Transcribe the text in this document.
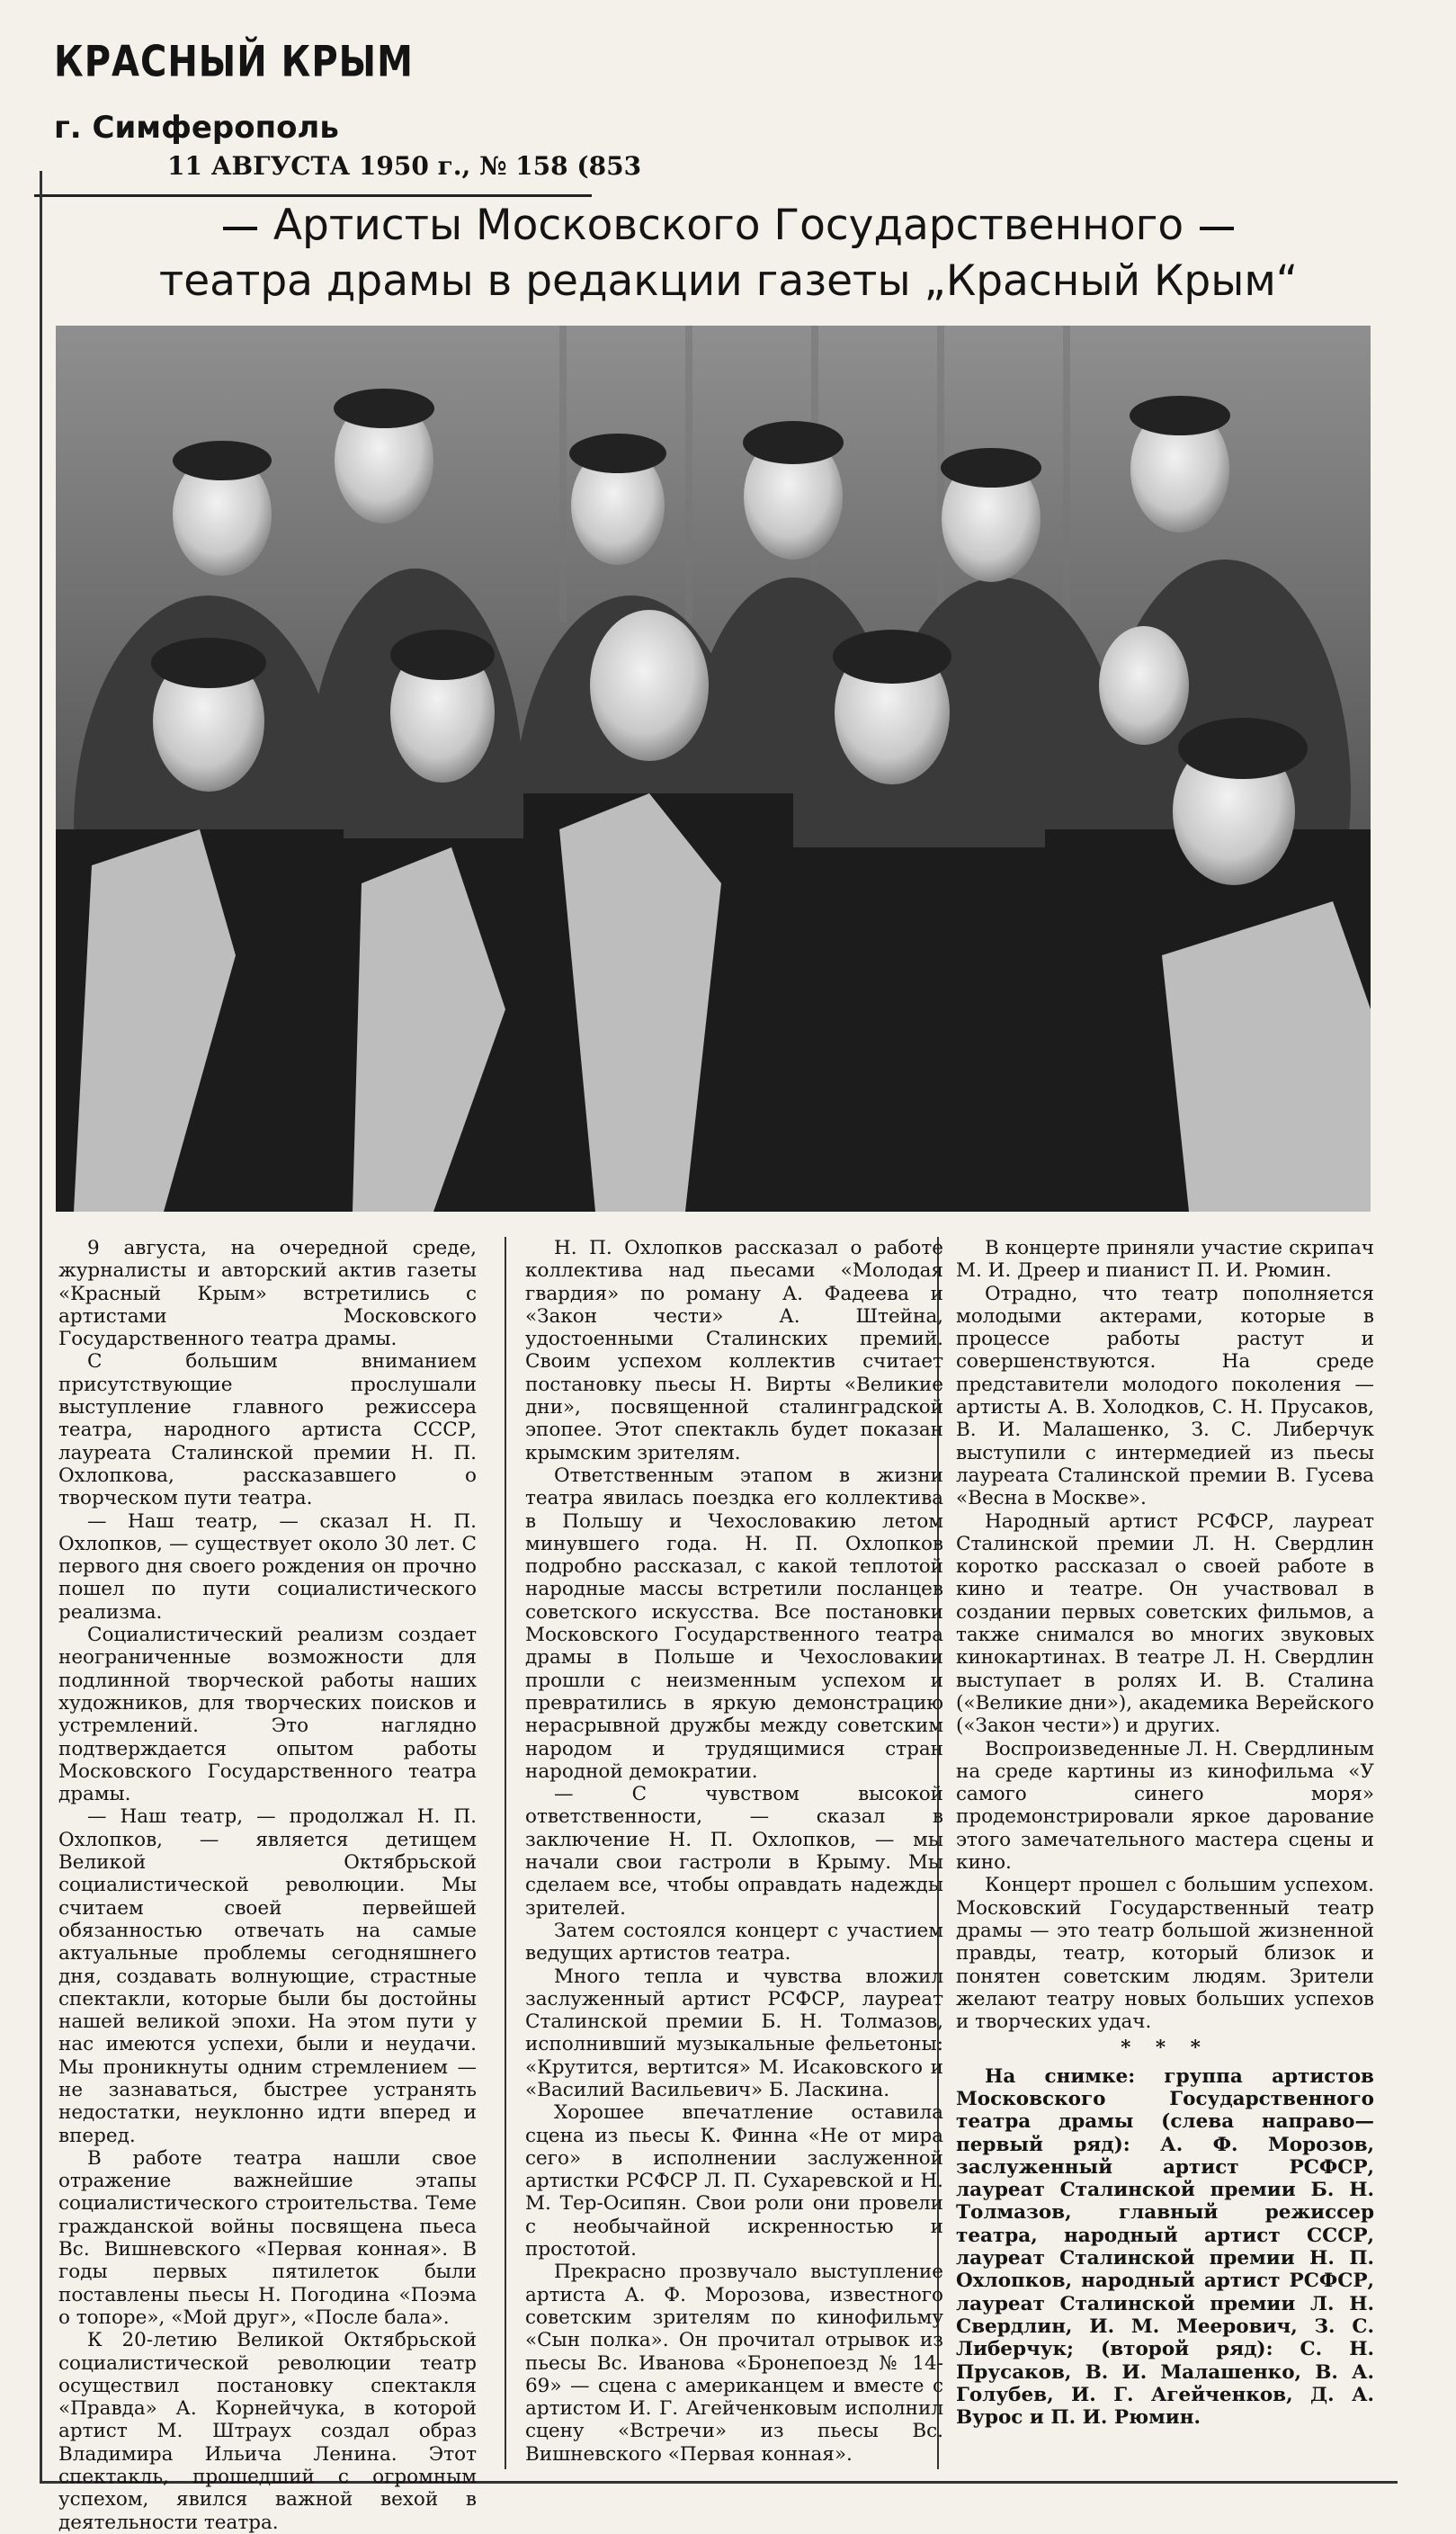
КРАСНЫЙ КРЫМ
г. Симферополь
11 АВГУСТА 1950 г., № 158 (853
Артисты Московского Государственного
театра драмы в редакции газеты „Красный Крым“

9 августа, на очередной среде, журналисты и авторский актив газеты «Красный Крым» встретились с артистами Московского Государственного театра драмы.

С большим вниманием присутствующие прослушали выступление главного режиссера театра, народного артиста СССР, лауреата Сталинской премии Н. П. Охлопкова, рассказавшего о творческом пути театра.

— Наш театр, — сказал Н. П. Охлопков, — существует около 30 лет. С первого дня своего рождения он прочно пошел по пути социалистического реализма.

Социалистический реализм создает неограниченные возможности для подлинной творческой работы наших художников, для творческих поисков и устремлений. Это наглядно подтверждается опытом работы Московского Государственного театра драмы.

— Наш театр, — продолжал Н. П. Охлопков, — является детищем Великой Октябрьской социалистической революции. Мы считаем своей первейшей обязанностью отвечать на самые актуальные проблемы сегодняшнего дня, создавать волнующие, страстные спектакли, которые были бы достойны нашей великой эпохи. На этом пути у нас имеются успехи, были и неудачи. Мы проникнуты одним стремлением — не зазнаваться, быстрее устранять недостатки, неуклонно идти вперед и вперед.

В работе театра нашли свое отражение важнейшие этапы социалистического строительства. Теме гражданской войны посвящена пьеса Вс. Вишневского «Первая конная». В годы первых пятилеток были поставлены пьесы Н. Погодина «Поэма о топоре», «Мой друг», «После бала».

К 20-летию Великой Октябрьской социалистической революции театр осуществил постановку спектакля «Правда» А. Корнейчука, в которой артист М. Штраух создал образ Владимира Ильича Ленина. Этот спектакль, прошедший с огромным успехом, явился важной вехой в деятельности театра.

Н. П. Охлопков рассказал о работе коллектива над пьесами «Молодая гвардия» по роману А. Фадеева и «Закон чести» А. Штейна, удостоенными Сталинских премий. Своим успехом коллектив считает постановку пьесы Н. Вирты «Великие дни», посвященной сталинградской эпопее. Этот спектакль будет показан крымским зрителям.

Ответственным этапом в жизни театра явилась поездка его коллектива в Польшу и Чехословакию летом минувшего года. Н. П. Охлопков подробно рассказал, с какой теплотой народные массы встретили посланцев советского искусства. Все постановки Московского Государственного театра драмы в Польше и Чехословакии прошли с неизменным успехом и превратились в яркую демонстрацию нерасрывной дружбы между советским народом и трудящимися стран народной демократии.

— С чувством высокой ответственности, — сказал в заключение Н. П. Охлопков, — мы начали свои гастроли в Крыму. Мы сделаем все, чтобы оправдать надежды зрителей.

Затем состоялся концерт с участием ведущих артистов театра.

Много тепла и чувства вложил заслуженный артист РСФСР, лауреат Сталинской премии Б. Н. Толмазов, исполнивший музыкальные фельетоны: «Крутится, вертится» М. Исаковского и «Василий Васильевич» Б. Ласкина.

Хорошее впечатление оставила сцена из пьесы К. Финна «Не от мира сего» в исполнении заслуженной артистки РСФСР Л. П. Сухаревской и Н. М. Тер-Осипян. Свои роли они провели с необычайной искренностью и простотой.

Прекрасно прозвучало выступление артиста А. Ф. Морозова, известного советским зрителям по кинофильму «Сын полка». Он прочитал отрывок из пьесы Вс. Иванова «Бронепоезд № 14-69» — сцена с американцем и вместе с артистом И. Г. Агейченковым исполнил сцену «Встречи» из пьесы Вс. Вишневского «Первая конная».

В концерте приняли участие скрипач М. И. Дреер и пианист П. И. Рюмин.

Отрадно, что театр пополняется молодыми актерами, которые в процессе работы растут и совершенствуются. На среде представители молодого поколения — артисты А. В. Холодков, С. Н. Прусаков, В. И. Малашенко, З. С. Либерчук выступили с интермедией из пьесы лауреата Сталинской премии В. Гусева «Весна в Москве».

Народный артист РСФСР, лауреат Сталинской премии Л. Н. Свердлин коротко рассказал о своей работе в кино и театре. Он участвовал в создании первых советских фильмов, а также снимался во многих звуковых кинокартинах. В театре Л. Н. Свердлин выступает в ролях И. В. Сталина («Великие дни»), академика Верейского («Закон чести») и других.

Воспроизведенные Л. Н. Свердлиным на среде картины из кинофильма «У самого синего моря» продемонстрировали яркое дарование этого замечательного мастера сцены и кино.

Концерт прошел с большим успехом. Московский Государственный театр драмы — это театр большой жизненной правды, театр, который близок и понятен советским людям. Зрители желают театру новых больших успехов и творческих удач.

* * *

На снимке: группа артистов Московского Государственного театра драмы (слева направо—первый ряд): А. Ф. Морозов, заслуженный артист РСФСР, лауреат Сталинской премии Б. Н. Толмазов, главный режиссер театра, народный артист СССР, лауреат Сталинской премии Н. П. Охлопков, народный артист РСФСР, лауреат Сталинской премии Л. Н. Свердлин, И. М. Меерович, З. С. Либерчук; (второй ряд): С. Н. Прусаков, В. И. Малашенко, В. А. Голубев, И. Г. Агейченков, Д. А. Вурос и П. И. Рюмин.
